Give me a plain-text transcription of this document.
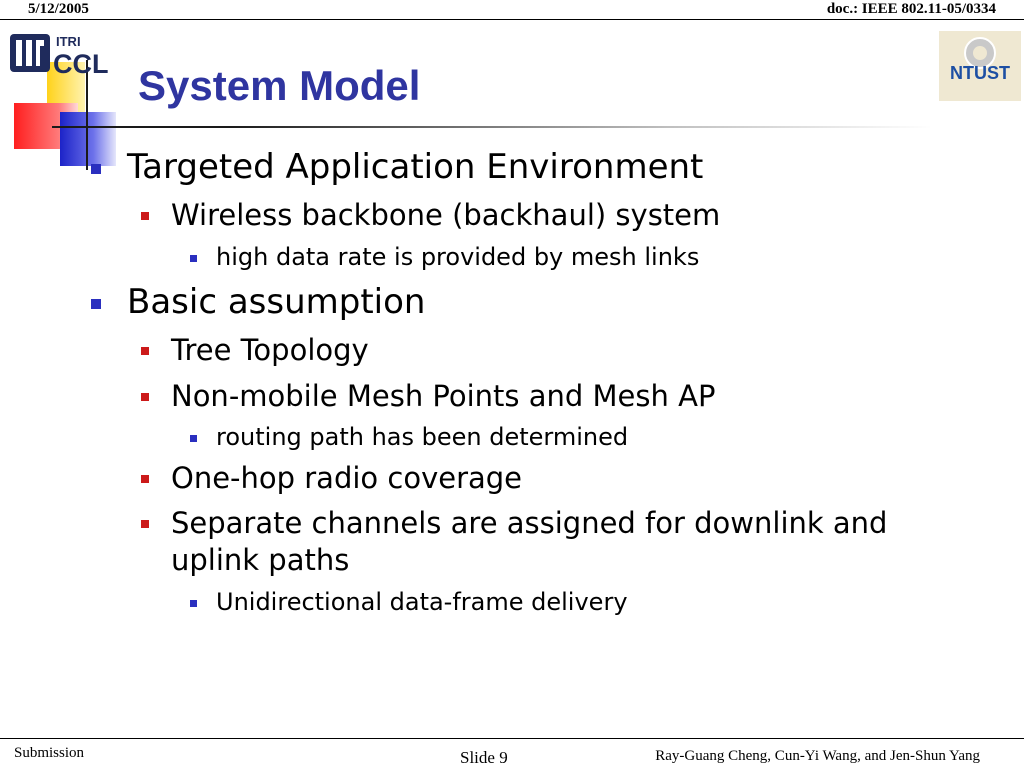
5/12/2005	doc.: IEEE 802.11-05/0334
ITRI
CCL	NTUST
System Model
Targeted Application Environment
Wireless backbone (backhaul) system
high data rate is provided by mesh links
Basic assumption
Tree Topology
Non-mobile Mesh Points and Mesh AP
routing path has been determined
One-hop radio coverage
Separate channels are assigned for downlink and
uplink paths
Unidirectional data-frame delivery
Submission	Slide 9	Ray-Guang Cheng, Cun-Yi Wang, and Jen-Shun Yang
